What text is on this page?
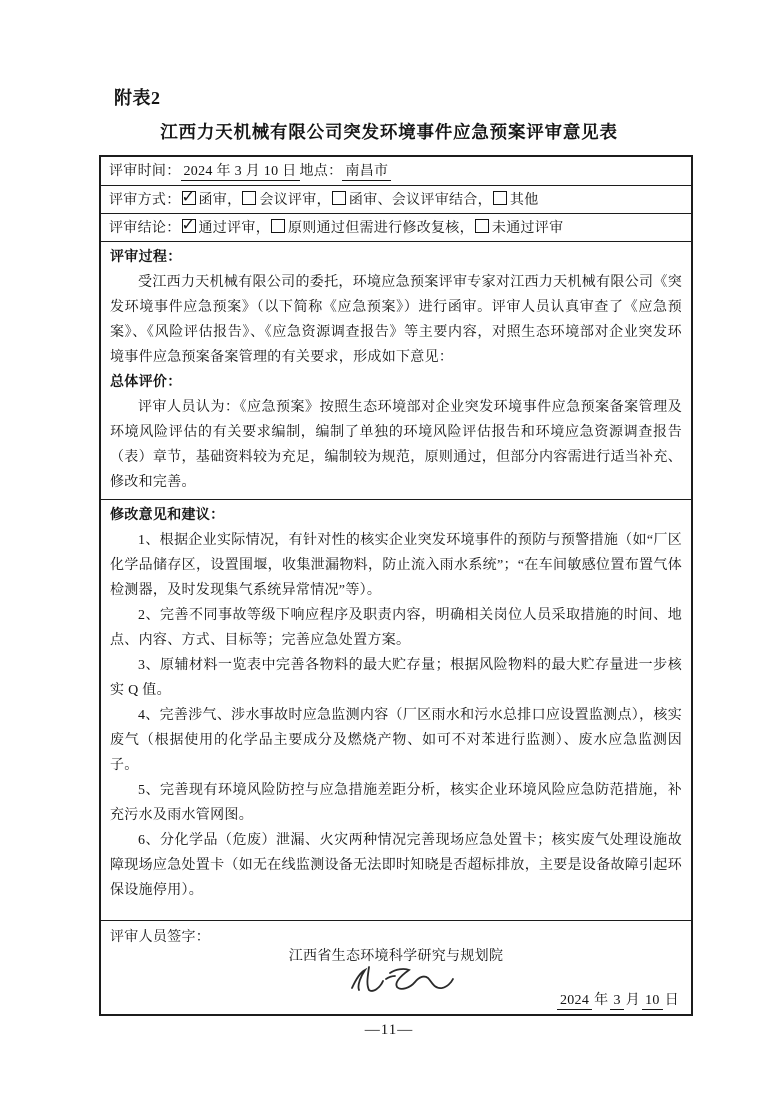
附表2
江西力天机械有限公司突发环境事件应急预案评审意见表
评审时间： 2024 年 3 月 10 日 地点： 南昌市
评审方式： ✓ 函审， 会议评审， 函审、会议评审结合， 其他
评审结论： ✓ 通过评审， 原则通过但需进行修改复核， 未通过评审
评审过程：

受江西力天机械有限公司的委托，环境应急预案评审专家对江西力天机械有限公司《突发环境事件应急预案》（以下简称《应急预案》）进行函审。评审人员认真审查了《应急预案》、《风险评估报告》、《应急资源调查报告》等主要内容，对照生态环境部对企业突发环境事件应急预案备案管理的有关要求，形成如下意见：

总体评价：

评审人员认为：《应急预案》按照生态环境部对企业突发环境事件应急预案备案管理及环境风险评估的有关要求编制，编制了单独的环境风险评估报告和环境应急资源调查报告（表）章节，基础资料较为充足，编制较为规范，原则通过，但部分内容需进行适当补充、修改和完善。

修改意见和建议：

1、根据企业实际情况，有针对性的核实企业突发环境事件的预防与预警措施（如“厂区化学品储存区，设置围堰，收集泄漏物料，防止流入雨水系统”；“在车间敏感位置布置气体检测器，及时发现集气系统异常情况”等）。

2、完善不同事故等级下响应程序及职责内容，明确相关岗位人员采取措施的时间、地点、内容、方式、目标等；完善应急处置方案。

3、原辅材料一览表中完善各物料的最大贮存量；根据风险物料的最大贮存量进一步核实 Q 值。

4、完善涉气、涉水事故时应急监测内容（厂区雨水和污水总排口应设置监测点），核实废气（根据使用的化学品主要成分及燃烧产物、如可不对苯进行监测）、废水应急监测因子。

5、完善现有环境风险防控与应急措施差距分析，核实企业环境风险应急防范措施，补充污水及雨水管网图。

6、分化学品（危废）泄漏、火灾两种情况完善现场应急处置卡；核实废气处理设施故障现场应急处置卡（如无在线监测设备无法即时知晓是否超标排放，主要是设备故障引起环保设施停用）。

评审人员签字：
江西省生态环境科学研究与规划院
2024 年 3 月 10 日
—11—
